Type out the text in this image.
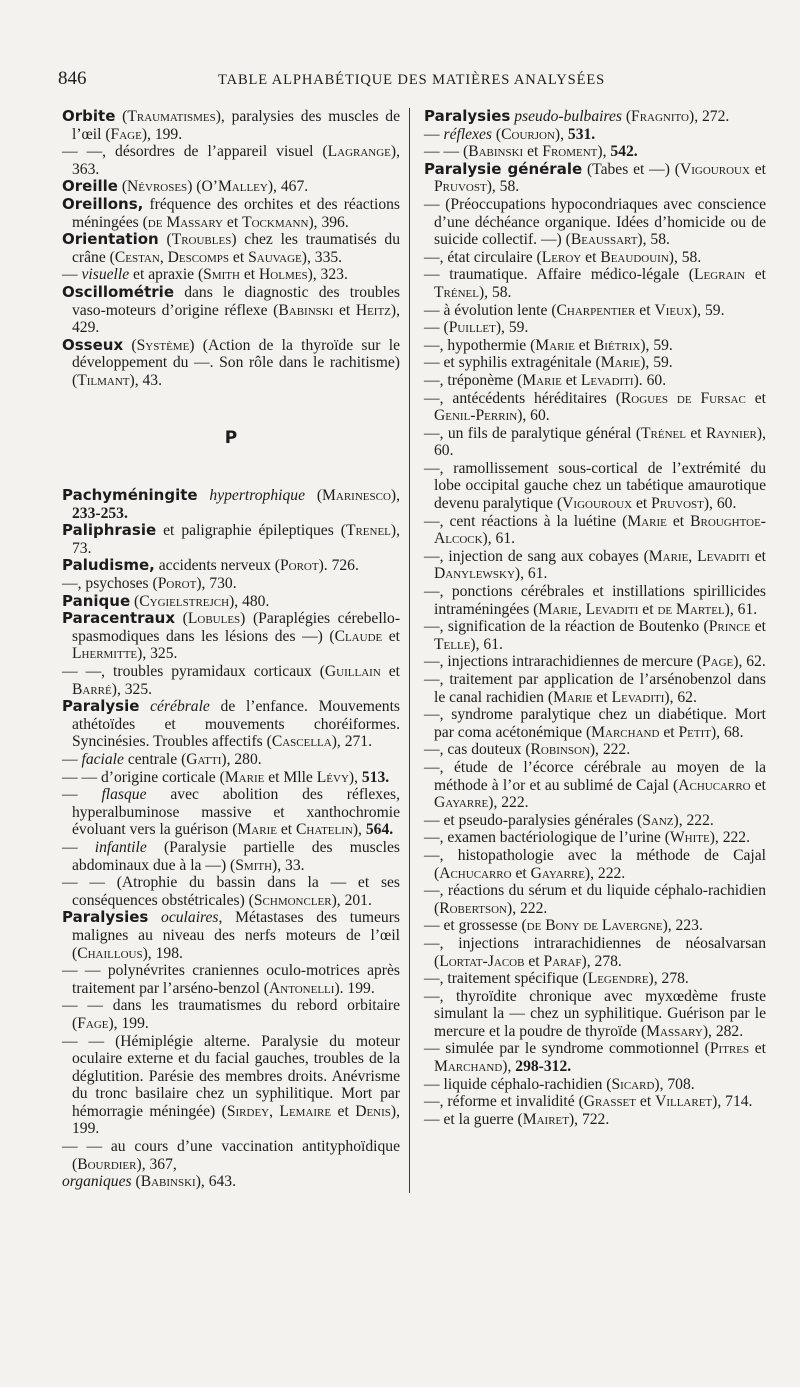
846	TABLE ALPHABÉTIQUE DES MATIÈRES ANALYSÉES

Orbite (Traumatismes), paralysies des muscles de l’œil (Fage), 199.

— —, désordres de l’appareil visuel (Lagrange), 363.

Oreille (Névroses) (O’Malley), 467.

Oreillons, fréquence des orchites et des réactions méningées (de Massary et Tockmann), 396.

Orientation (Troubles) chez les traumatisés du crâne (Cestan, Descomps et Sauvage), 335.

— visuelle et apraxie (Smith et Holmes), 323.

Oscillométrie dans le diagnostic des troubles vaso-moteurs d’origine réflexe (Babinski et Heitz), 429.

Osseux (Système) (Action de la thyroïde sur le développement du —. Son rôle dans le rachitisme) (Tilmant), 43.

P

Pachyméningite hypertrophique (Marinesco), 233-253.

Paliphrasie et paligraphie épileptiques (Trenel), 73.

Paludisme, accidents nerveux (Porot). 726.

—, psychoses (Porot), 730.

Panique (Cygielstrejch), 480.

Paracentraux (Lobules) (Paraplégies cérebello-spasmodiques dans les lésions des —) (Claude et Lhermitte), 325.

— —, troubles pyramidaux corticaux (Guillain et Barré), 325.

Paralysie cérébrale de l’enfance. Mouvements athétoïdes et mouvements choréiformes. Syncinésies. Troubles affectifs (Cascella), 271.

— faciale centrale (Gatti), 280.

— — d’origine corticale (Marie et Mlle Lévy), 513.

— flasque avec abolition des réflexes, hyperalbuminose massive et xanthochromie évoluant vers la guérison (Marie et Chatelin), 564.

— infantile (Paralysie partielle des muscles abdominaux due à la —) (Smith), 33.

— — (Atrophie du bassin dans la — et ses conséquences obstétricales) (Schmoncler), 201.

Paralysies oculaires, Métastases des tumeurs malignes au niveau des nerfs moteurs de l’œil (Chaillous), 198.

— — polynévrites craniennes oculo-motrices après traitement par l’arséno-benzol (Antonelli). 199.

— — dans les traumatismes du rebord orbitaire (Fage), 199.

— — (Hémiplégie alterne. Paralysie du moteur oculaire externe et du facial gauches, troubles de la déglutition. Parésie des membres droits. Anévrisme du tronc basilaire chez un syphilitique. Mort par hémorragie méningée) (Sirdey, Lemaire et Denis), 199.

— — au cours d’une vaccination antityphoïdique (Bourdier), 367,

organiques (Babinski), 643.

Paralysies pseudo-bulbaires (Fragnito), 272.

— réflexes (Courjon), 531.

— — (Babinski et Froment), 542.

Paralysie générale (Tabes et —) (Vigouroux et Pruvost), 58.

— (Préoccupations hypocondriaques avec conscience d’une déchéance organique. Idées d’homicide ou de suicide collectif. —) (Beaussart), 58.

—, état circulaire (Leroy et Beaudouin), 58.

— traumatique. Affaire médico-légale (Legrain et Trénel), 58.

— à évolution lente (Charpentier et Vieux), 59.

— (Puillet), 59.

—, hypothermie (Marie et Biétrix), 59.

— et syphilis extragénitale (Marie), 59.

—, tréponème (Marie et Levaditi). 60.

—, antécédents héréditaires (Rogues de Fursac et Genil-Perrin), 60.

—, un fils de paralytique général (Trénel et Raynier), 60.

—, ramollissement sous-cortical de l’extrémité du lobe occipital gauche chez un tabétique amaurotique devenu paralytique (Vigouroux et Pruvost), 60.

—, cent réactions à la luétine (Marie et Broughtoe-Alcock), 61.

—, injection de sang aux cobayes (Marie, Levaditi et Danylewsky), 61.

—, ponctions cérébrales et instillations spirillicides intraméningées (Marie, Levaditi et de Martel), 61.

—, signification de la réaction de Boutenko (Prince et Telle), 61.

—, injections intrarachidiennes de mercure (Page), 62.

—, traitement par application de l’arsénobenzol dans le canal rachidien (Marie et Levaditi), 62.

—, syndrome paralytique chez un diabétique. Mort par coma acétonémique (Marchand et Petit), 68.

—, cas douteux (Robinson), 222.

—, étude de l’écorce cérébrale au moyen de la méthode à l’or et au sublimé de Cajal (Achucarro et Gayarre), 222.

— et pseudo-paralysies générales (Sanz), 222.

—, examen bactériologique de l’urine (White), 222.

—, histopathologie avec la méthode de Cajal (Achucarro et Gayarre), 222.

—, réactions du sérum et du liquide céphalo-rachidien (Robertson), 222.

— et grossesse (de Bony de Lavergne), 223.

—, injections intrarachidiennes de néosalvarsan (Lortat-Jacob et Paraf), 278.

—, traitement spécifique (Legendre), 278.

—, thyroïdite chronique avec myxœdème fruste simulant la — chez un syphilitique. Guérison par le mercure et la poudre de thyroïde (Massary), 282.

— simulée par le syndrome commotionnel (Pitres et Marchand), 298-312.

— liquide céphalo-rachidien (Sicard), 708.

—, réforme et invalidité (Grasset et Villaret), 714.

— et la guerre (Mairet), 722.
